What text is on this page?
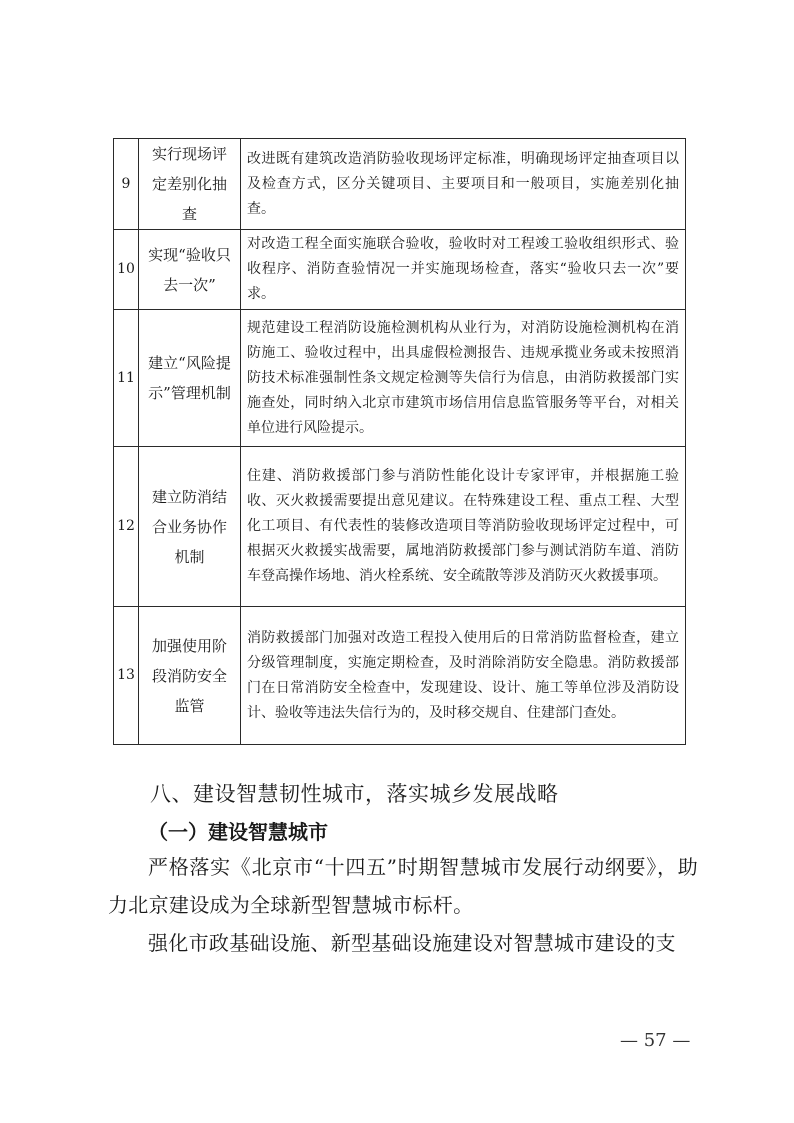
9	实行现场评定差别化抽查	改进既有建筑改造消防验收现场评定标准，明确现场评定抽查项目以及检查方式，区分关键项目、主要项目和一般项目，实施差别化抽查。
10	实现“验收只去一次”	对改造工程全面实施联合验收，验收时对工程竣工验收组织形式、验收程序、消防查验情况一并实施现场检查，落实“验收只去一次”要求。
11	建立“风险提示”管理机制	规范建设工程消防设施检测机构从业行为，对消防设施检测机构在消防施工、验收过程中，出具虚假检测报告、违规承揽业务或未按照消防技术标准强制性条文规定检测等失信行为信息，由消防救援部门实施查处，同时纳入北京市建筑市场信用信息监管服务等平台，对相关单位进行风险提示。
12	建立防消结合业务协作机制	住建、消防救援部门参与消防性能化设计专家评审，并根据施工验收、灭火救援需要提出意见建议。在特殊建设工程、重点工程、大型化工项目、有代表性的装修改造项目等消防验收现场评定过程中，可根据灭火救援实战需要，属地消防救援部门参与测试消防车道、消防车登高操作场地、消火栓系统、安全疏散等涉及消防灭火救援事项。
13	加强使用阶段消防安全监管	消防救援部门加强对改造工程投入使用后的日常消防监督检查，建立分级管理制度，实施定期检查，及时消除消防安全隐患。消防救援部门在日常消防安全检查中，发现建设、设计、施工等单位涉及消防设计、验收等违法失信行为的，及时移交规自、住建部门查处。
八、建设智慧韧性城市，落实城乡发展战略
（一）建设智慧城市

严格落实《北京市“十四五”时期智慧城市发展行动纲要》，助力北京建设成为全球新型智慧城市标杆。

强化市政基础设施、新型基础设施建设对智慧城市建设的支

— 57 —
